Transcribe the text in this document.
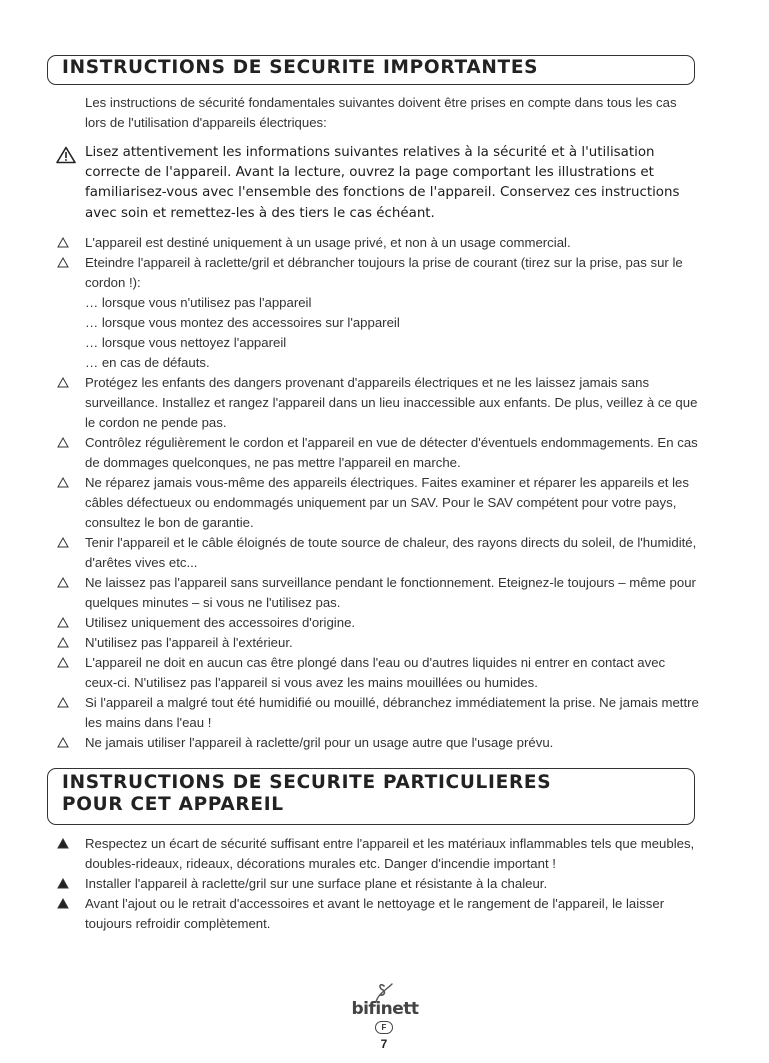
INSTRUCTIONS DE SECURITE IMPORTANTES
Les instructions de sécurité fondamentales suivantes doivent être prises en compte dans tous les cas lors de l'utilisation d'appareils électriques:
Lisez attentivement les informations suivantes relatives à la sécurité et à l'utilisation correcte de l'appareil. Avant la lecture, ouvrez la page comportant les illustrations et familiarisez-vous avec l'ensemble des fonctions de l'appareil. Conservez ces instructions avec soin et remettez-les à des tiers le cas échéant.
L'appareil est destiné uniquement à un usage privé, et non à un usage commercial.
Eteindre l'appareil à raclette/gril et débrancher toujours la prise de courant (tirez sur la prise, pas sur le cordon !):
… lorsque vous n'utilisez pas l'appareil
… lorsque vous montez des accessoires sur l'appareil
… lorsque vous nettoyez l'appareil
… en cas de défauts.
Protégez les enfants des dangers provenant d'appareils électriques et ne les laissez jamais sans surveillance. Installez et rangez l'appareil dans un lieu inaccessible aux enfants. De plus, veillez à ce que le cordon ne pende pas.
Contrôlez régulièrement le cordon et l'appareil en vue de détecter d'éventuels endommagements. En cas de dommages quelconques, ne pas mettre l'appareil en marche.
Ne réparez jamais vous-même des appareils électriques. Faites examiner et réparer les appareils et les câbles défectueux ou endommagés uniquement par un SAV. Pour le SAV compétent pour votre pays, consultez le bon de garantie.
Tenir l'appareil et le câble éloignés de toute source de chaleur, des rayons directs du soleil, de l'humidité, d'arêtes vives etc...
Ne laissez pas l'appareil sans surveillance pendant le fonctionnement. Eteignez-le toujours – même pour quelques minutes – si vous ne l'utilisez pas.
Utilisez uniquement des accessoires d'origine.
N'utilisez pas l'appareil à l'extérieur.
L'appareil ne doit en aucun cas être plongé dans l'eau ou d'autres liquides ni entrer en contact avec ceux-ci. N'utilisez pas l'appareil si vous avez les mains mouillées ou humides.
Si l'appareil a malgré tout été humidifié ou mouillé, débranchez immédiatement la prise. Ne jamais mettre les mains dans l'eau !
Ne jamais utiliser l'appareil à raclette/gril pour un usage autre que l'usage prévu.
INSTRUCTIONS DE SECURITE PARTICULIERES
POUR CET APPAREIL
Respectez un écart de sécurité suffisant entre l'appareil et les matériaux inflammables tels que meubles, doubles-rideaux, rideaux, décorations murales etc. Danger d'incendie important !
Installer l'appareil à raclette/gril sur une surface plane et résistante à la chaleur.
Avant l'ajout ou le retrait d'accessoires et avant le nettoyage et le rangement de l'appareil, le laisser toujours refroidir complètement.
bifinett
F
7
